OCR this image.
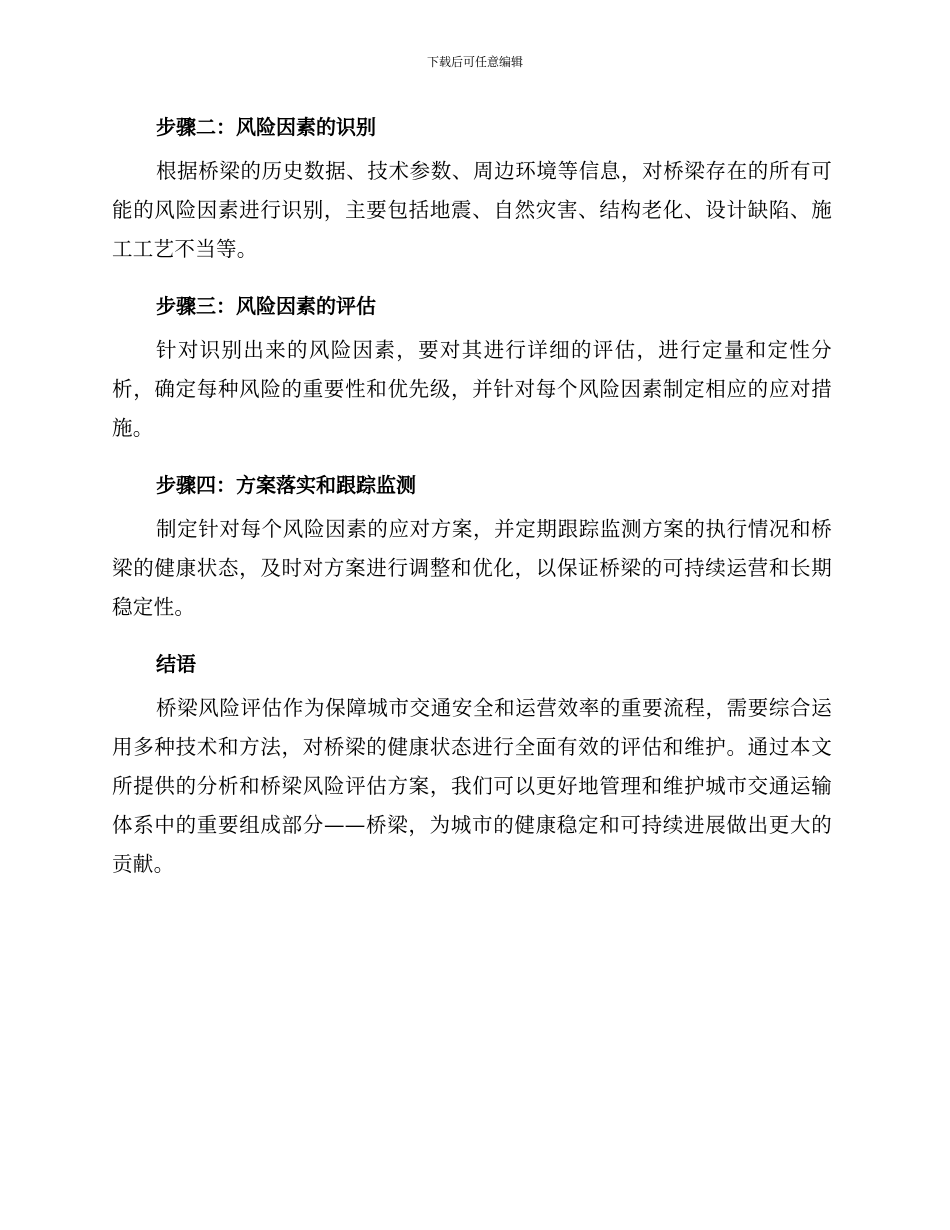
下载后可任意编辑
步骤二：风险因素的识别

根据桥梁的历史数据、技术参数、周边环境等信息，对桥梁存在的所有可能的风险因素进行识别，主要包括地震、自然灾害、结构老化、设计缺陷、施工工艺不当等。

步骤三：风险因素的评估

针对识别出来的风险因素，要对其进行详细的评估，进行定量和定性分析，确定每种风险的重要性和优先级，并针对每个风险因素制定相应的应对措施。

步骤四：方案落实和跟踪监测

制定针对每个风险因素的应对方案，并定期跟踪监测方案的执行情况和桥梁的健康状态，及时对方案进行调整和优化，以保证桥梁的可持续运营和长期稳定性。

结语

桥梁风险评估作为保障城市交通安全和运营效率的重要流程，需要综合运用多种技术和方法，对桥梁的健康状态进行全面有效的评估和维护。通过本文所提供的分析和桥梁风险评估方案，我们可以更好地管理和维护城市交通运输体系中的重要组成部分——桥梁，为城市的健康稳定和可持续进展做出更大的贡献。
